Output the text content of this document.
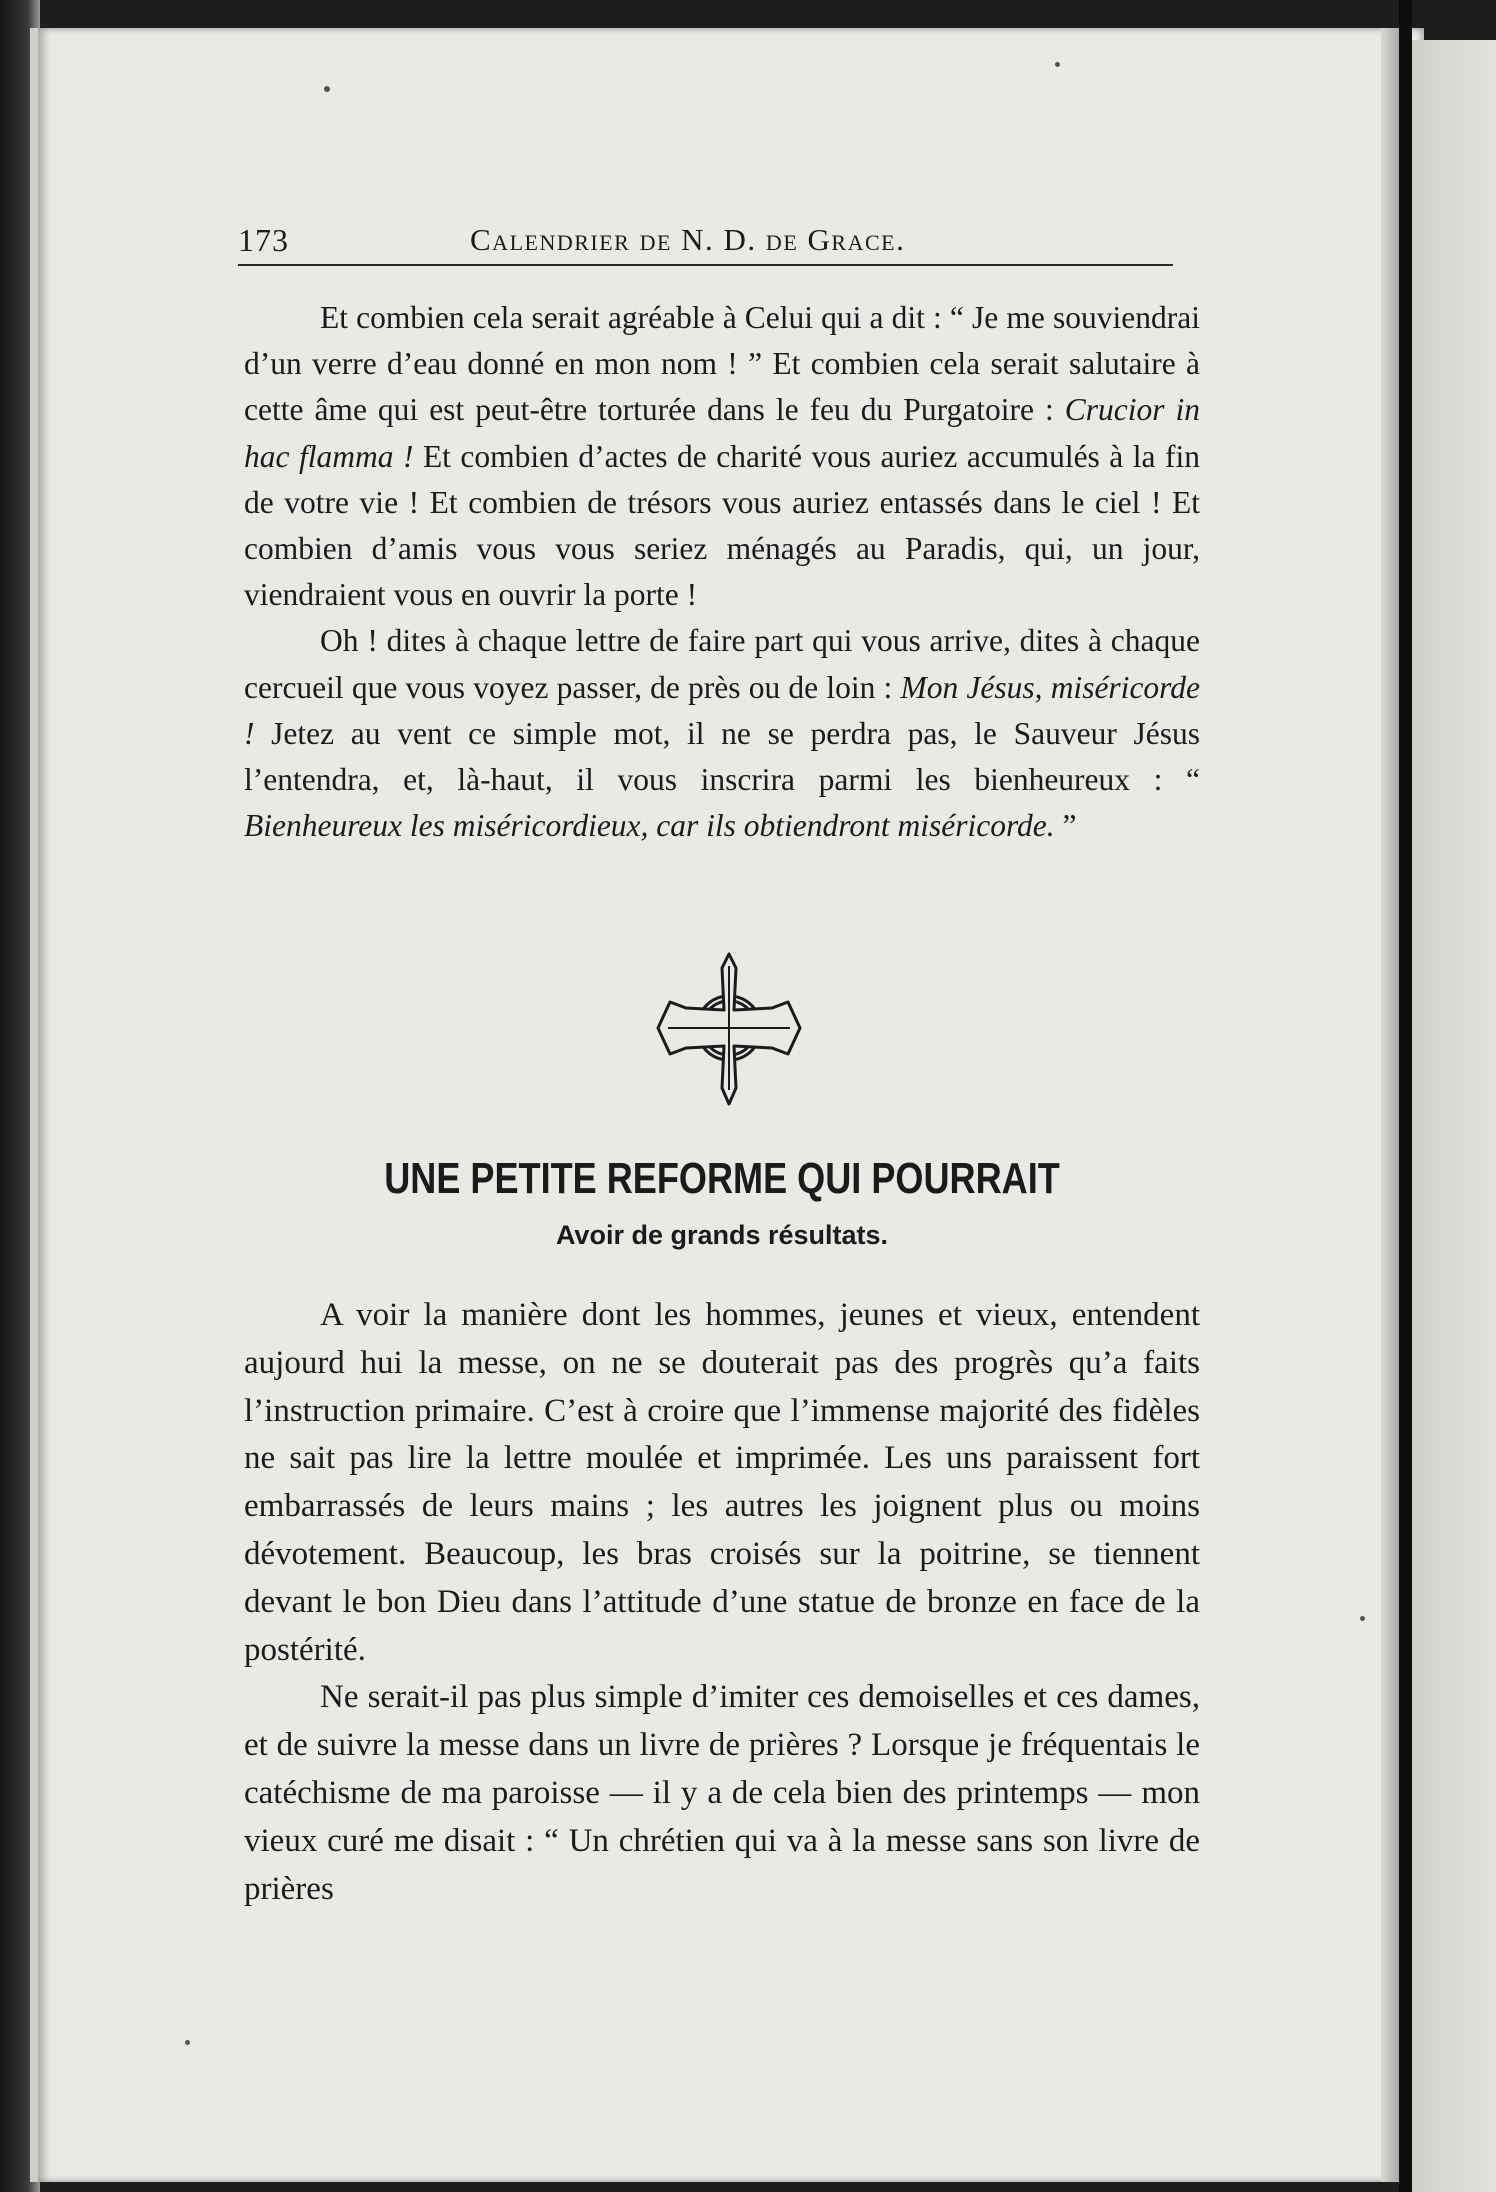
173	Calendrier de N. D. de Grace.

Et combien cela serait agréable à Celui qui a dit : “ Je me souviendrai d’un verre d’eau donné en mon nom ! ” Et combien cela serait salutaire à cette âme qui est peut-être torturée dans le feu du Purgatoire : Crucior in hac flamma ! Et combien d’actes de charité vous auriez accumulés à la fin de votre vie ! Et combien de trésors vous auriez entassés dans le ciel ! Et combien d’amis vous vous seriez ménagés au Paradis, qui, un jour, viendraient vous en ouvrir la porte !

Oh ! dites à chaque lettre de faire part qui vous arrive, dites à chaque cercueil que vous voyez passer, de près ou de loin : Mon Jésus, miséricorde ! Jetez au vent ce simple mot, il ne se perdra pas, le Sauveur Jésus l’entendra, et, là-haut, il vous inscrira parmi les bienheureux : “ Bienheureux les miséricordieux, car ils obtiendront miséricorde. ”

UNE PETITE REFORME QUI POURRAIT
Avoir de grands résultats.

A voir la manière dont les hommes, jeunes et vieux, entendent aujourd hui la messe, on ne se douterait pas des progrès qu’a faits l’instruction primaire. C’est à croire que l’immense majorité des fidèles ne sait pas lire la lettre moulée et imprimée. Les uns paraissent fort embarrassés de leurs mains ; les autres les joignent plus ou moins dévotement. Beaucoup, les bras croisés sur la poitrine, se tiennent devant le bon Dieu dans l’attitude d’une statue de bronze en face de la postérité.

Ne serait-il pas plus simple d’imiter ces demoiselles et ces dames, et de suivre la messe dans un livre de prières ? Lorsque je fréquentais le catéchisme de ma paroisse — il y a de cela bien des printemps — mon vieux curé me disait : “ Un chrétien qui va à la messe sans son livre de prières
